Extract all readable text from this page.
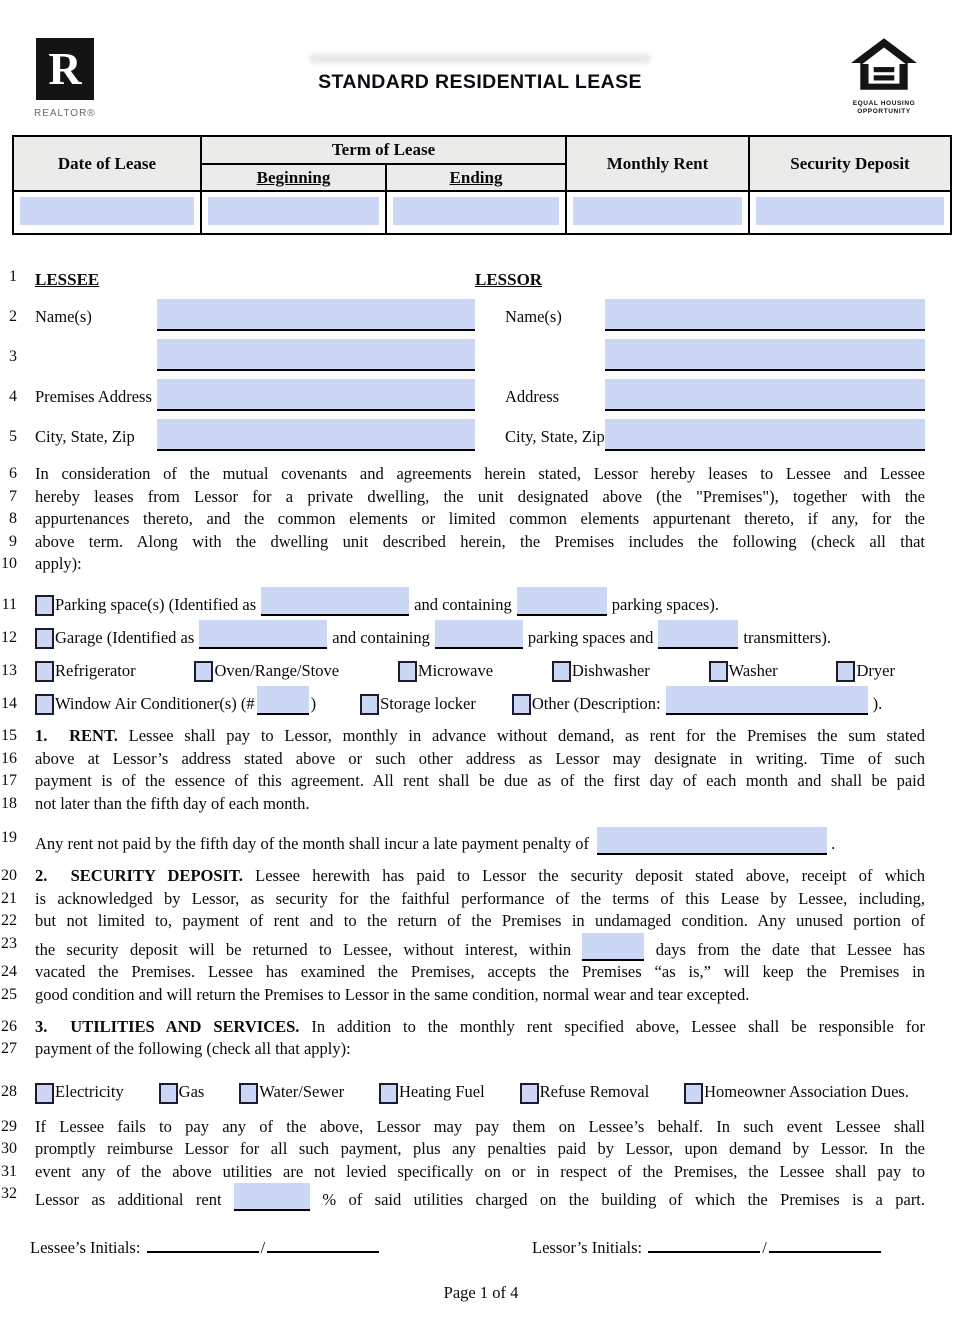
R
REALTOR®
STANDARD RESIDENTIAL LEASE
EQUAL HOUSING
OPPORTUNITY
Date of Lease	Term of Lease		Monthly Rent	Security Deposit
	Beginning	Ending		

1 LESSEE	LESSOR
2	Name(s)	Name(s)
3
4	Premises Address	Address
5	City, State, Zip	City, State, Zip
6	In consideration of the mutual covenants and agreements herein stated, Lessor hereby leases to Lessee and Lessee
7	hereby leases from Lessor for a private dwelling, the unit designated above (the "Premises"), together with the
8	appurtenances thereto, and the common elements or limited common elements appurtenant thereto, if any, for the
9	above term. Along with the dwelling unit described herein, the Premises includes the following (check all that
10	apply):
11	Parking space(s) (Identified as	and containing	parking spaces).
12	Garage (Identified as	and containing	parking spaces and	transmitters).
13	Refrigerator	Oven/Range/Stove	Microwave	Dishwasher	Washer	Dryer
14	Window Air Conditioner(s) (#	)	Storage locker	Other (Description:	).
15	1. RENT. Lessee shall pay to Lessor, monthly in advance without demand, as rent for the Premises the sum stated
16	above at Lessor’s address stated above or such other address as Lessor may designate in writing. Time of such
17	payment is of the essence of this agreement. All rent shall be due as of the first day of each month and shall be paid
18	not later than the fifth day of each month.
19	Any rent not paid by the fifth day of the month shall incur a late payment penalty of	.
20	2. SECURITY DEPOSIT. Lessee herewith has paid to Lessor the security deposit stated above, receipt of which
21	is acknowledged by Lessor, as security for the faithful performance of the terms of this Lease by Lessee, including,
22	but not limited to, payment of rent and to the return of the Premises in undamaged condition. Any unused portion of
23	the security deposit will be returned to Lessee, without interest, within	days from the date that Lessee has
24	vacated the Premises. Lessee has examined the Premises, accepts the Premises “as is,” will keep the Premises in
25	good condition and will return the Premises to Lessor in the same condition, normal wear and tear excepted.
26	3. UTILITIES AND SERVICES. In addition to the monthly rent specified above, Lessee shall be responsible for
27	payment of the following (check all that apply):
28	Electricity	Gas	Water/Sewer	Heating Fuel	Refuse Removal	Homeowner Association Dues.
29	If Lessee fails to pay any of the above, Lessor may pay them on Lessee’s behalf. In such event Lessee shall
30	promptly reimburse Lessor for all such payment, plus any penalties paid by Lessor, upon demand by Lessor. In the
31	event any of the above utilities are not levied specifically on or in respect of the Premises, the Lessee shall pay to
32	Lessor as additional rent	% of said utilities charged on the building of which the Premises is a part.
Lessee’s Initials:	/	Lessor’s Initials:	/
Page 1 of 4
